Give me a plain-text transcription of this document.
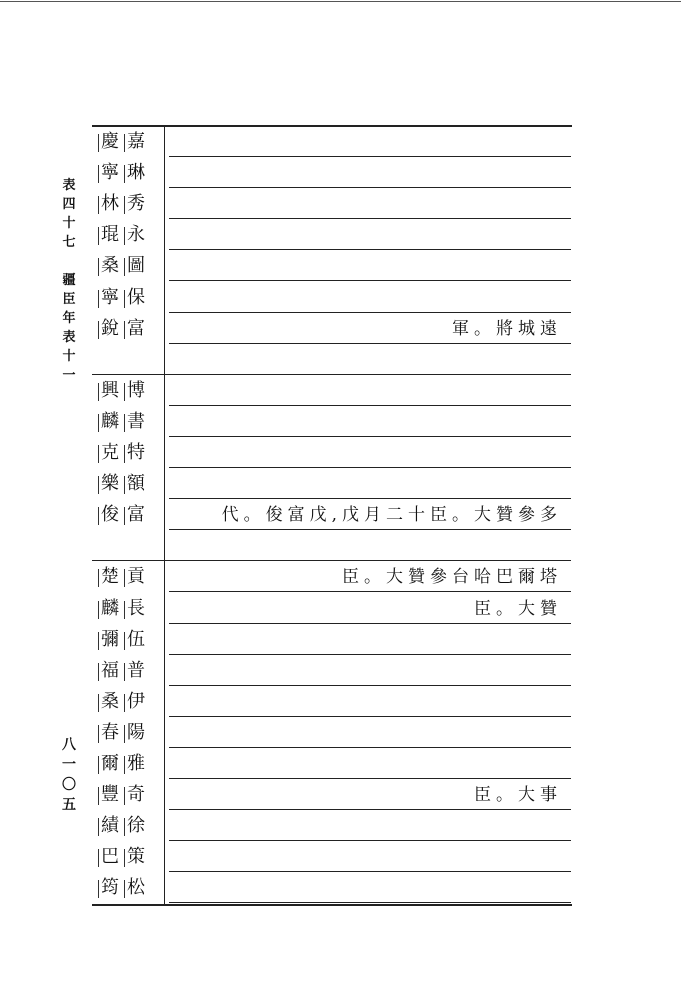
表
四
十
七
疆
臣
年
表
十
一
八
一
〇
五
慶 嘉
寧 琳
林 秀
琨 永
桑 圖
寧 保
銳 富	軍。將城遠
興 博
麟 書
克 特
樂 額
俊 富	代。俊富戊,戊月二十臣。大贊參多
楚 貢	臣。大贊參台哈巴爾塔
麟 長	臣。大贊
彌 伍
福 普
桑 伊
春 陽
爾 雅
豐 奇	臣。大事
績 徐
巴 策
筠 松
